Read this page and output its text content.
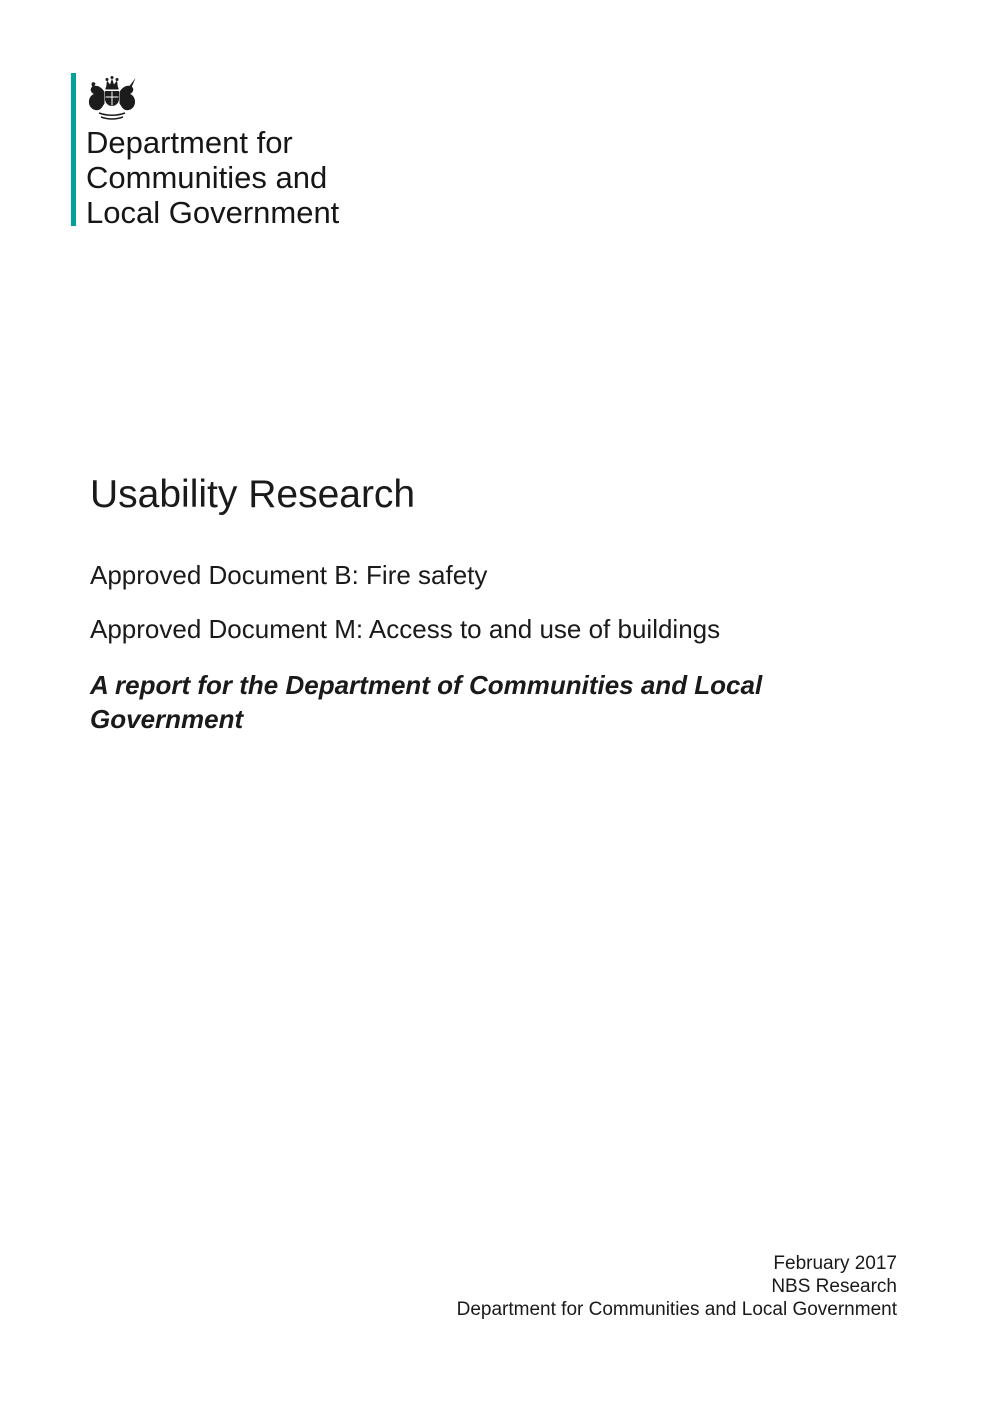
Department for
Communities and
Local Government
Usability Research
Approved Document B: Fire safety
Approved Document M: Access to and use of buildings
A report for the Department of Communities and Local Government
February 2017
NBS Research
Department for Communities and Local Government
